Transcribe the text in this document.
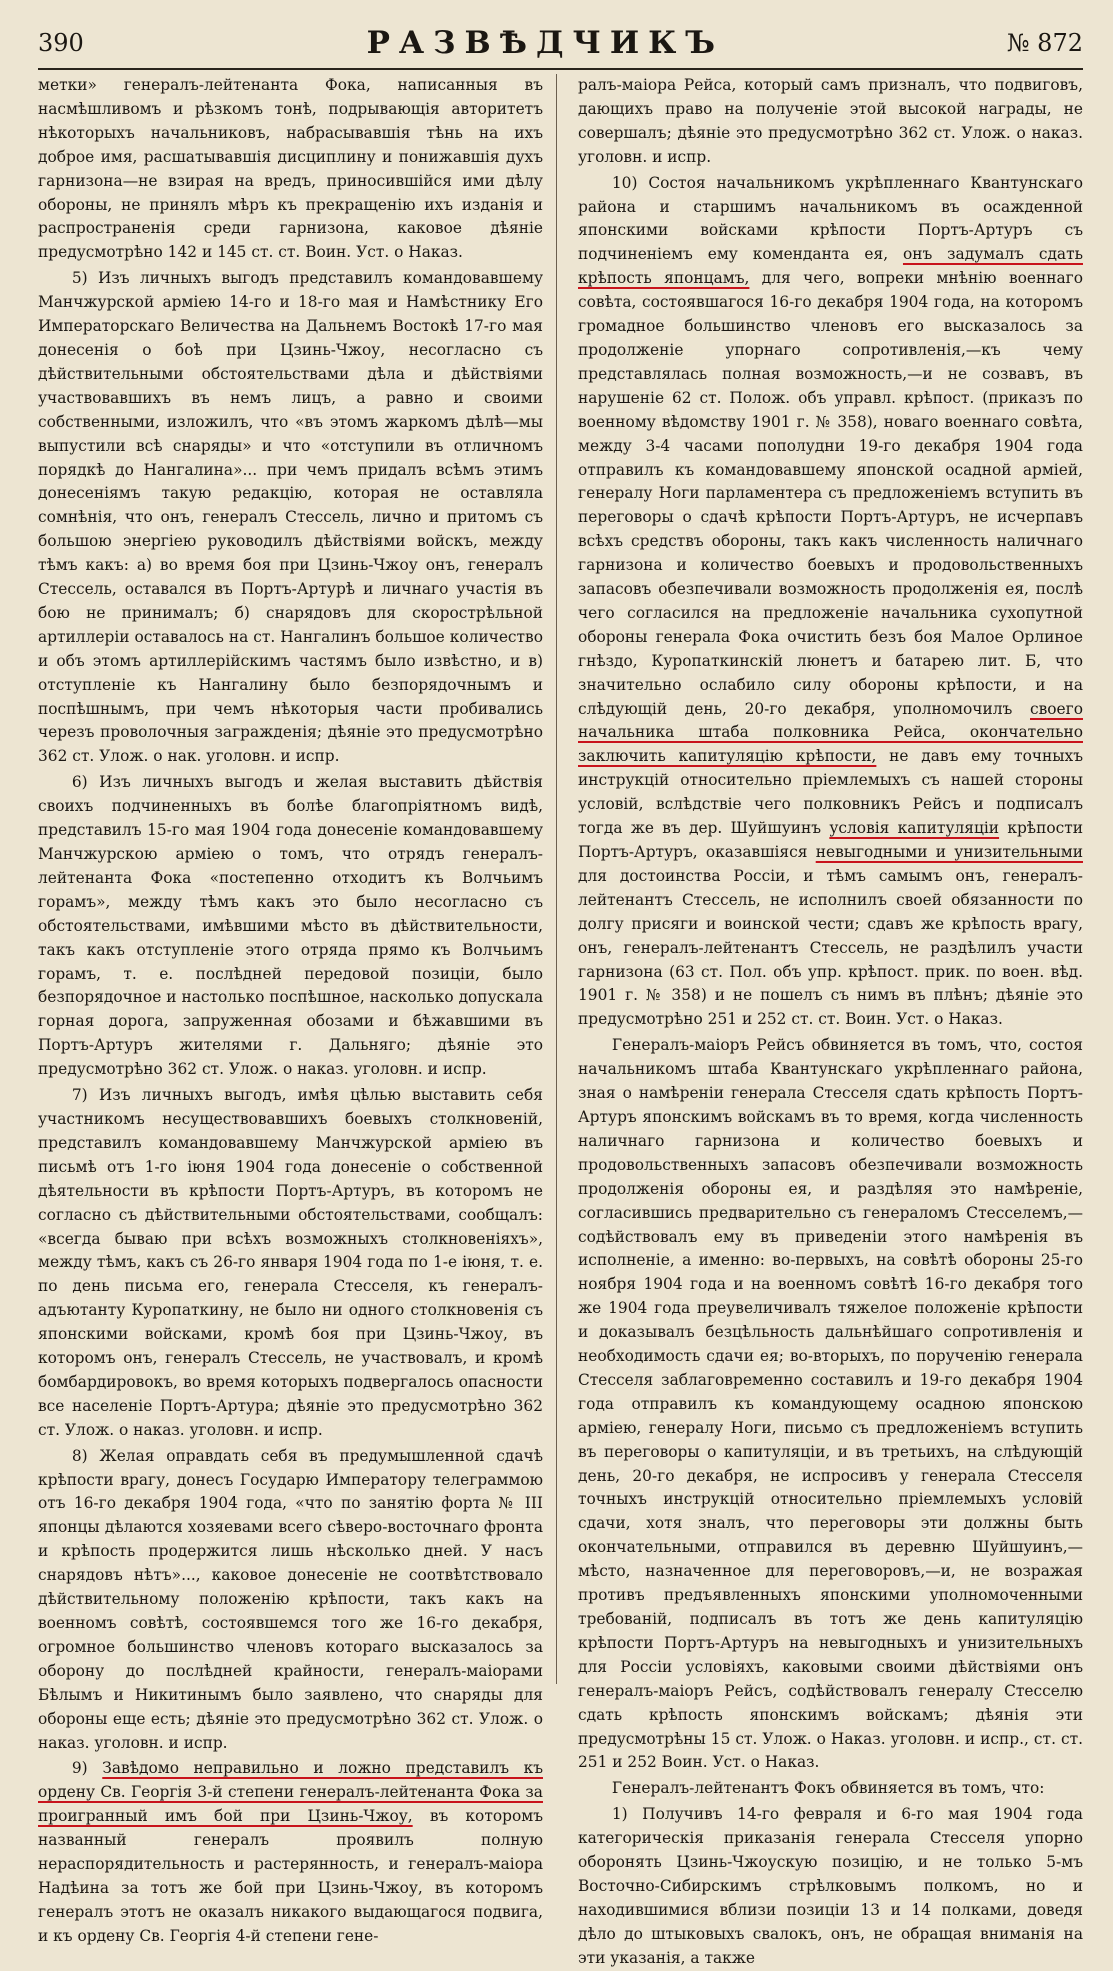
390	РАЗВѢДЧИКЪ	№ 872

метки» генералъ-лейтенанта Фока, написанныя въ насмѣшливомъ и рѣзкомъ тонѣ, подрывающія авторитетъ нѣкоторыхъ начальниковъ, набрасывавшія тѣнь на ихъ доброе имя, расшатывавшія дисциплину и понижавшія духъ гарнизона—не взирая на вредъ, приносившійся ими дѣлу обороны, не принялъ мѣръ къ прекращенію ихъ изданія и распространенія среди гарнизона, каковое дѣяніе предусмотрѣно 142 и 145 ст. ст. Воин. Уст. о Наказ.

5) Изъ личныхъ выгодъ представилъ командовавшему Манчжурской арміею 14-го и 18-го мая и Намѣстнику Его Императорскаго Величества на Дальнемъ Востокѣ 17-го мая донесенія о боѣ при Цзинь-Чжоу, несогласно съ дѣйствительными обстоятельствами дѣла и дѣйствіями участвовавшихъ въ немъ лицъ, а равно и своими собственными, изложилъ, что «въ этомъ жаркомъ дѣлѣ—мы выпустили всѣ снаряды» и что «отступили въ отличномъ порядкѣ до Нангалина»... при чемъ придалъ всѣмъ этимъ донесеніямъ такую редакцію, которая не оставляла сомнѣнія, что онъ, генералъ Стессель, лично и притомъ съ большою энергіею руководилъ дѣйствіями войскъ, между тѣмъ какъ: а) во время боя при Цзинь-Чжоу онъ, генералъ Стессель, оставался въ Портъ-Артурѣ и личнаго участія въ бою не принималъ; б) снарядовъ для скорострѣльной артиллеріи оставалось на ст. Нангалинъ большое количество и объ этомъ артиллерійскимъ частямъ было извѣстно, и в) отступленіе къ Нангалину было безпорядочнымъ и поспѣшнымъ, при чемъ нѣкоторыя части пробивались черезъ проволочныя загражденія; дѣяніе это предусмотрѣно 362 ст. Улож. о нак. уголовн. и испр.

6) Изъ личныхъ выгодъ и желая выставить дѣйствія своихъ подчиненныхъ въ болѣе благопріятномъ видѣ, представилъ 15-го мая 1904 года донесеніе командовавшему Манчжурскою арміею о томъ, что отрядъ генералъ-лейтенанта Фока «постепенно отходитъ къ Волчьимъ горамъ», между тѣмъ какъ это было несогласно съ обстоятельствами, имѣвшими мѣсто въ дѣйствительности, такъ какъ отступленіе этого отряда прямо къ Волчьимъ горамъ, т. е. послѣдней передовой позиціи, было безпорядочное и настолько поспѣшное, насколько допускала горная дорога, запруженная обозами и бѣжавшими въ Портъ-Артуръ жителями г. Дальняго; дѣяніе это предусмотрѣно 362 ст. Улож. о наказ. уголовн. и испр.

7) Изъ личныхъ выгодъ, имѣя цѣлью выставить себя участникомъ несуществовавшихъ боевыхъ столкновеній, представилъ командовавшему Манчжурской арміею въ письмѣ отъ 1-го іюня 1904 года донесеніе о собственной дѣятельности въ крѣпости Портъ-Артуръ, въ которомъ не согласно съ дѣйствительными обстоятельствами, сообщалъ: «всегда бываю при всѣхъ возможныхъ столкновеніяхъ», между тѣмъ, какъ съ 26-го января 1904 года по 1-е іюня, т. е. по день письма его, генерала Стесселя, къ генералъ-адъютанту Куропаткину, не было ни одного столкновенія съ японскими войсками, кромѣ боя при Цзинь-Чжоу, въ которомъ онъ, генералъ Стессель, не участвовалъ, и кромѣ бомбардировокъ, во время которыхъ подвергалось опасности все населеніе Портъ-Артура; дѣяніе это предусмотрѣно 362 ст. Улож. о наказ. уголовн. и испр.

8) Желая оправдать себя въ предумышленной сдачѣ крѣпости врагу, донесъ Государю Императору телеграммою отъ 16-го декабря 1904 года, «что по занятію форта № III японцы дѣлаются хозяевами всего сѣверо-восточнаго фронта и крѣпость продержится лишь нѣсколько дней. У насъ снарядовъ нѣтъ»..., каковое донесеніе не соотвѣтствовало дѣйствительному положенію крѣпости, такъ какъ на военномъ совѣтѣ, состоявшемся того же 16-го декабря, огромное большинство членовъ котораго высказалось за оборону до послѣдней крайности, генералъ-маіорами Бѣлымъ и Никитинымъ было заявлено, что снаряды для обороны еще есть; дѣяніе это предусмотрѣно 362 ст. Улож. о наказ. уголовн. и испр.

9) Завѣдомо неправильно и ложно представилъ къ ордену Св. Георгія 3-й степени генералъ-лейтенанта Фока за проигранный имъ бой при Цзинь-Чжоу, въ которомъ названный генералъ проявилъ полную нераспорядительность и растерянность, и генералъ-маіора Надѣина за тотъ же бой при Цзинь-Чжоу, въ которомъ генералъ этотъ не оказалъ никакого выдающагося подвига, и къ ордену Св. Георгія 4-й степени гене-

ралъ-маіора Рейса, который самъ призналъ, что подвиговъ, дающихъ право на полученіе этой высокой награды, не совершалъ; дѣяніе это предусмотрѣно 362 ст. Улож. о наказ. уголовн. и испр.

10) Состоя начальникомъ укрѣпленнаго Квантунскаго района и старшимъ начальникомъ въ осажденной японскими войсками крѣпости Портъ-Артуръ съ подчиненіемъ ему коменданта ея, онъ задумалъ сдать крѣпость японцамъ, для чего, вопреки мнѣнію военнаго совѣта, состоявшагося 16-го декабря 1904 года, на которомъ громадное большинство членовъ его высказалось за продолженіе упорнаго сопротивленія,—къ чему представлялась полная возможность,—и не созвавъ, въ нарушеніе 62 ст. Полож. объ управл. крѣпост. (приказъ по военному вѣдомству 1901 г. № 358), новаго военнаго совѣта, между 3-4 часами пополудни 19-го декабря 1904 года отправилъ къ командовавшему японской осадной арміей, генералу Ноги парламентера съ предложеніемъ вступить въ переговоры о сдачѣ крѣпости Портъ-Артуръ, не исчерпавъ всѣхъ средствъ обороны, такъ какъ численность наличнаго гарнизона и количество боевыхъ и продовольственныхъ запасовъ обезпечивали возможность продолженія ея, послѣ чего согласился на предложеніе начальника сухопутной обороны генерала Фока очистить безъ боя Малое Орлиное гнѣздо, Куропаткинскій люнетъ и батарею лит. Б, что значительно ослабило силу обороны крѣпости, и на слѣдующій день, 20-го декабря, уполномочилъ своего начальника штаба полковника Рейса, окончательно заключить капитуляцію крѣпости, не давъ ему точныхъ инструкцій относительно пріемлемыхъ съ нашей стороны условій, вслѣдствіе чего полковникъ Рейсъ и подписалъ тогда же въ дер. Шуйшуинъ условія капитуляціи крѣпости Портъ-Артуръ, оказавшіяся невыгодными и унизительными для достоинства Россіи, и тѣмъ самымъ онъ, генералъ-лейтенантъ Стессель, не исполнилъ своей обязанности по долгу присяги и воинской чести; сдавъ же крѣпость врагу, онъ, генералъ-лейтенантъ Стессель, не раздѣлилъ участи гарнизона (63 ст. Пол. объ упр. крѣпост. прик. по воен. вѣд. 1901 г. № 358) и не пошелъ съ нимъ въ плѣнъ; дѣяніе это предусмотрѣно 251 и 252 ст. ст. Воин. Уст. о Наказ.

Генералъ-маіоръ Рейсъ обвиняется въ томъ, что, состоя начальникомъ штаба Квантунскаго укрѣпленнаго района, зная о намѣреніи генерала Стесселя сдать крѣпость Портъ-Артуръ японскимъ войскамъ въ то время, когда численность наличнаго гарнизона и количество боевыхъ и продовольственныхъ запасовъ обезпечивали возможность продолженія обороны ея, и раздѣляя это намѣреніе, согласившись предварительно съ генераломъ Стесселемъ,—содѣйствовалъ ему въ приведеніи этого намѣренія въ исполненіе, а именно: во-первыхъ, на совѣтѣ обороны 25-го ноября 1904 года и на военномъ совѣтѣ 16-го декабря того же 1904 года преувеличивалъ тяжелое положеніе крѣпости и доказывалъ безцѣльность дальнѣйшаго сопротивленія и необходимость сдачи ея; во-вторыхъ, по порученію генерала Стесселя заблаговременно составилъ и 19-го декабря 1904 года отправилъ къ командующему осадною японскою арміею, генералу Ноги, письмо съ предложеніемъ вступить въ переговоры о капитуляціи, и въ третьихъ, на слѣдующій день, 20-го декабря, не испросивъ у генерала Стесселя точныхъ инструкцій относительно пріемлемыхъ условій сдачи, хотя зналъ, что переговоры эти должны быть окончательными, отправился въ деревню Шуйшуинъ,—мѣсто, назначенное для переговоровъ,—и, не возражая противъ предъявленныхъ японскими уполномоченными требованій, подписалъ въ тотъ же день капитуляцію крѣпости Портъ-Артуръ на невыгодныхъ и унизительныхъ для Россіи условіяхъ, каковыми своими дѣйствіями онъ генералъ-маіоръ Рейсъ, содѣйствовалъ генералу Стесселю сдать крѣпость японскимъ войскамъ; дѣянія эти предусмотрѣны 15 ст. Улож. о Наказ. уголовн. и испр., ст. ст. 251 и 252 Воин. Уст. о Наказ.

Генералъ-лейтенантъ Фокъ обвиняется въ томъ, что:

1) Получивъ 14-го февраля и 6-го мая 1904 года категорическія приказанія генерала Стесселя упорно оборонять Цзинь-Чжоускую позицію, и не только 5-мъ Восточно-Сибирскимъ стрѣлковымъ полкомъ, но и находившимися вблизи позиціи 13 и 14 полками, доведя дѣло до штыковыхъ свалокъ, онъ, не обращая вниманія на эти указанія, а также
